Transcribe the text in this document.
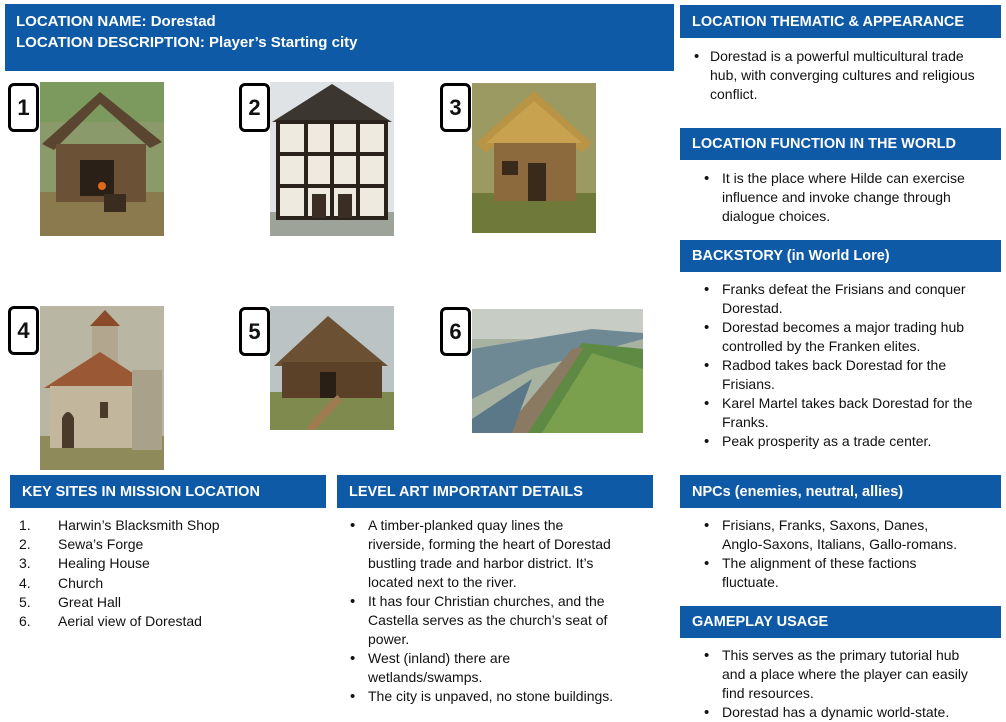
LOCATION NAME: Dorestad
LOCATION DESCRIPTION: Player’s Starting city
1	2	3
4	5	6
KEY SITES IN MISSION LOCATION
1. Harwin’s Blacksmith Shop
2. Sewa’s Forge
3. Healing House
4. Church
5. Great Hall
6. Aerial view of Dorestad
LEVEL ART IMPORTANT DETAILS
• A timber-planked quay lines the
riverside, forming the heart of Dorestad
bustling trade and harbor district. It’s
located next to the river.
• It has four Christian churches, and the
Castella serves as the church’s seat of
power.
• West (inland) there are
wetlands/swamps.
• The city is unpaved, no stone buildings.
LOCATION THEMATIC & APPEARANCE
• Dorestad is a powerful multicultural trade
hub, with converging cultures and religious
conflict.
LOCATION FUNCTION IN THE WORLD
• It is the place where Hilde can exercise
influence and invoke change through
dialogue choices.
BACKSTORY (in World Lore)
• Franks defeat the Frisians and conquer
Dorestad.
• Dorestad becomes a major trading hub
controlled by the Franken elites.
• Radbod takes back Dorestad for the
Frisians.
• Karel Martel takes back Dorestad for the
Franks.
• Peak prosperity as a trade center.
NPCs (enemies, neutral, allies)
• Frisians, Franks, Saxons, Danes,
Anglo-Saxons, Italians, Gallo-romans.
• The alignment of these factions
fluctuate.
GAMEPLAY USAGE
• This serves as the primary tutorial hub
and a place where the player can easily
find resources.
• Dorestad has a dynamic world-state.
